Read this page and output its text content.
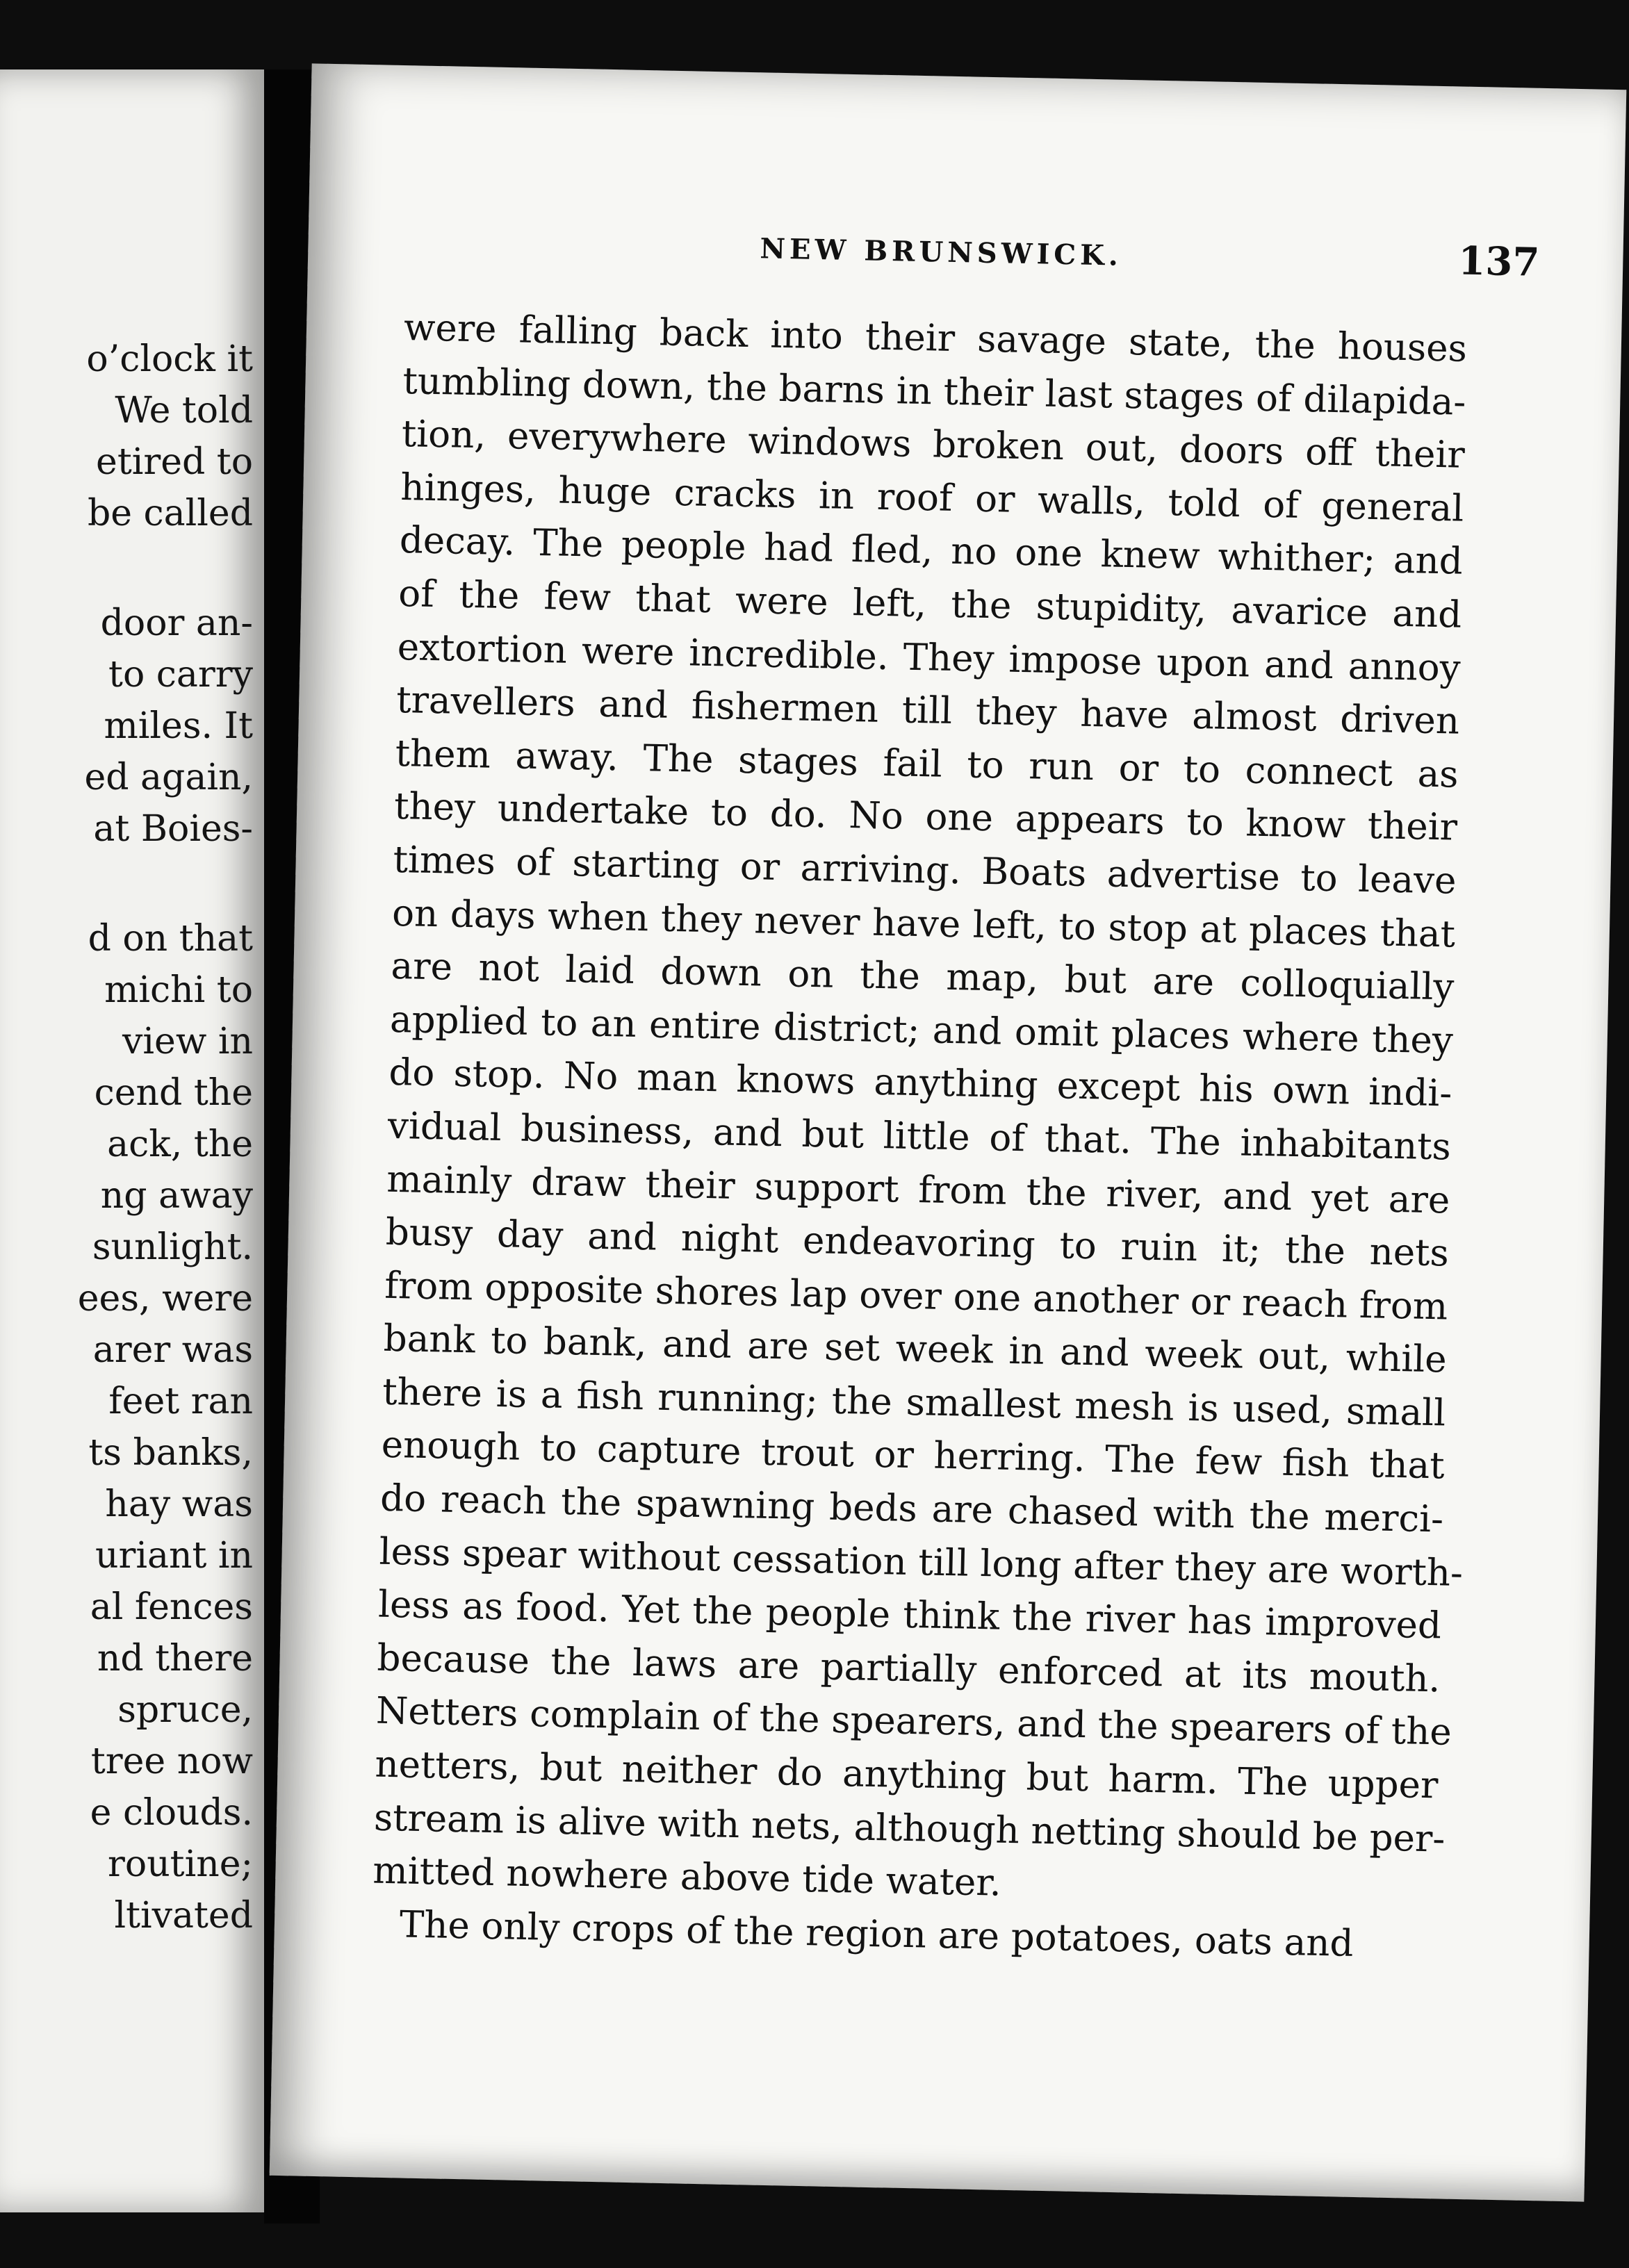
o’clock it
We told
etired to
be called
door an-
to carry
miles. It
ed again,
at Boies-
d on that
michi to
view in
cend the
ack, the
ng away
sunlight.
ees, were
arer was
feet ran
ts banks,
hay was
uriant in
al fences
nd there
spruce,
tree now
e clouds.
routine;
ltivated
NEW BRUNSWICK.	137
were falling back into their savage state, the houses
tumbling down, the barns in their last stages of dilapida-
tion, everywhere windows broken out, doors off their
hinges, huge cracks in roof or walls, told of general
decay. The people had fled, no one knew whither; and
of the few that were left, the stupidity, avarice and
extortion were incredible. They impose upon and annoy
travellers and fishermen till they have almost driven
them away. The stages fail to run or to connect as
they undertake to do. No one appears to know their
times of starting or arriving. Boats advertise to leave
on days when they never have left, to stop at places that
are not laid down on the map, but are colloquially
applied to an entire district; and omit places where they
do stop. No man knows anything except his own indi-
vidual business, and but little of that. The inhabitants
mainly draw their support from the river, and yet are
busy day and night endeavoring to ruin it; the nets
from opposite shores lap over one another or reach from
bank to bank, and are set week in and week out, while
there is a fish running; the smallest mesh is used, small
enough to capture trout or herring. The few fish that
do reach the spawning beds are chased with the merci-
less spear without cessation till long after they are worth-
less as food. Yet the people think the river has improved
because the laws are partially enforced at its mouth.
Netters complain of the spearers, and the spearers of the
netters, but neither do anything but harm. The upper
stream is alive with nets, although netting should be per-
mitted nowhere above tide water.
The only crops of the region are potatoes, oats and
